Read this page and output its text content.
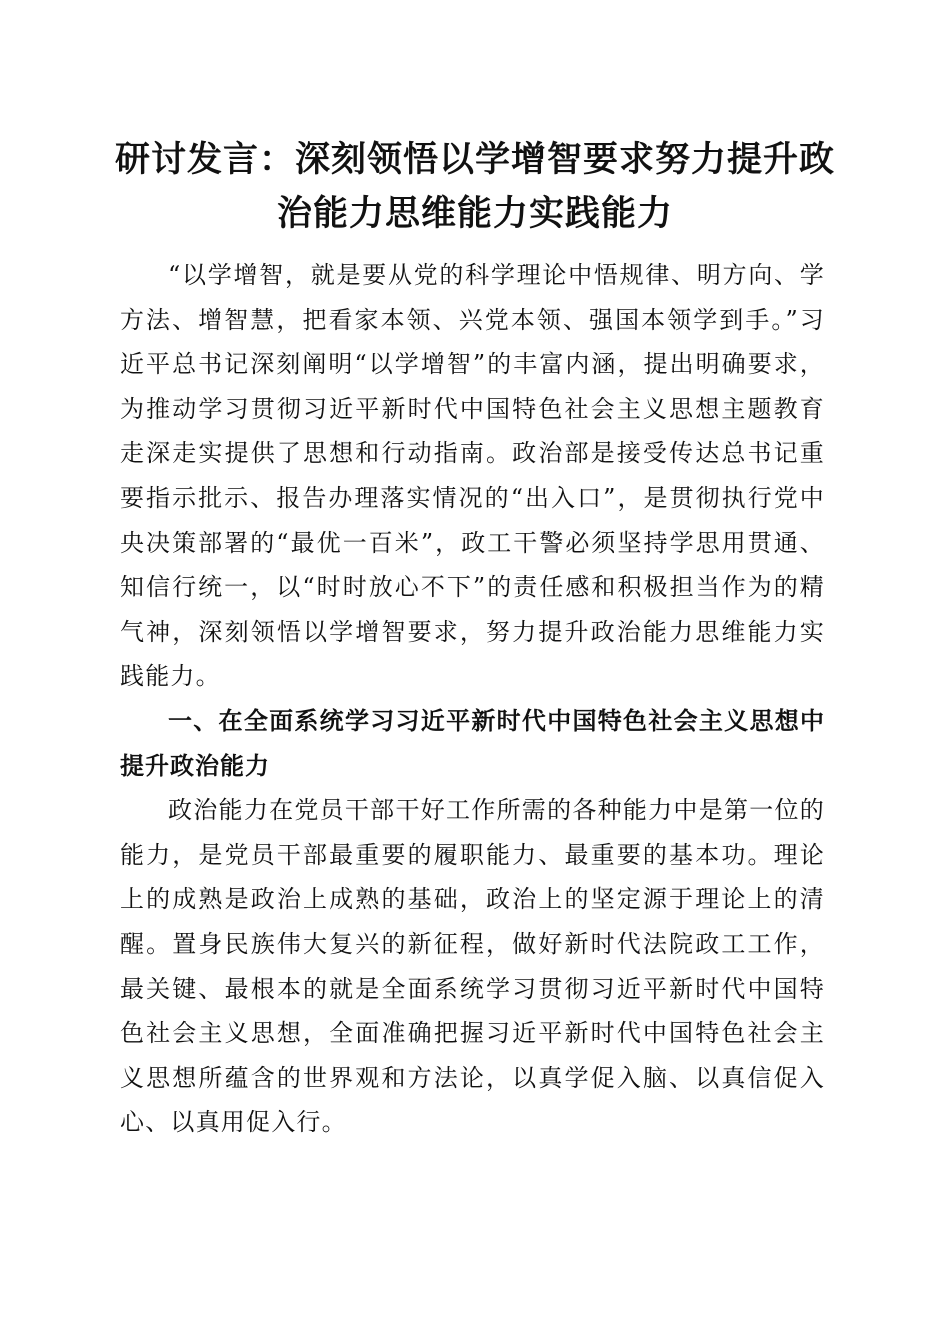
研讨发言：深刻领悟以学增智要求努力提升政
治能力思维能力实践能力

“以学增智，就是要从党的科学理论中悟规律、明方向、学方法、增智慧，把看家本领、兴党本领、强国本领学到手。”习近平总书记深刻阐明“以学增智”的丰富内涵，提出明确要求，为推动学习贯彻习近平新时代中国特色社会主义思想主题教育走深走实提供了思想和行动指南。政治部是接受传达总书记重要指示批示、报告办理落实情况的“出入口”，是贯彻执行党中央决策部署的“最优一百米”，政工干警必须坚持学思用贯通、知信行统一，以“时时放心不下”的责任感和积极担当作为的精气神，深刻领悟以学增智要求，努力提升政治能力思维能力实践能力。

一、在全面系统学习习近平新时代中国特色社会主义思想中提升政治能力

政治能力在党员干部干好工作所需的各种能力中是第一位的能力，是党员干部最重要的履职能力、最重要的基本功。理论上的成熟是政治上成熟的基础，政治上的坚定源于理论上的清醒。置身民族伟大复兴的新征程，做好新时代法院政工工作，最关键、最根本的就是全面系统学习贯彻习近平新时代中国特色社会主义思想，全面准确把握习近平新时代中国特色社会主义思想所蕴含的世界观和方法论，以真学促入脑、以真信促入心、以真用促入行。
